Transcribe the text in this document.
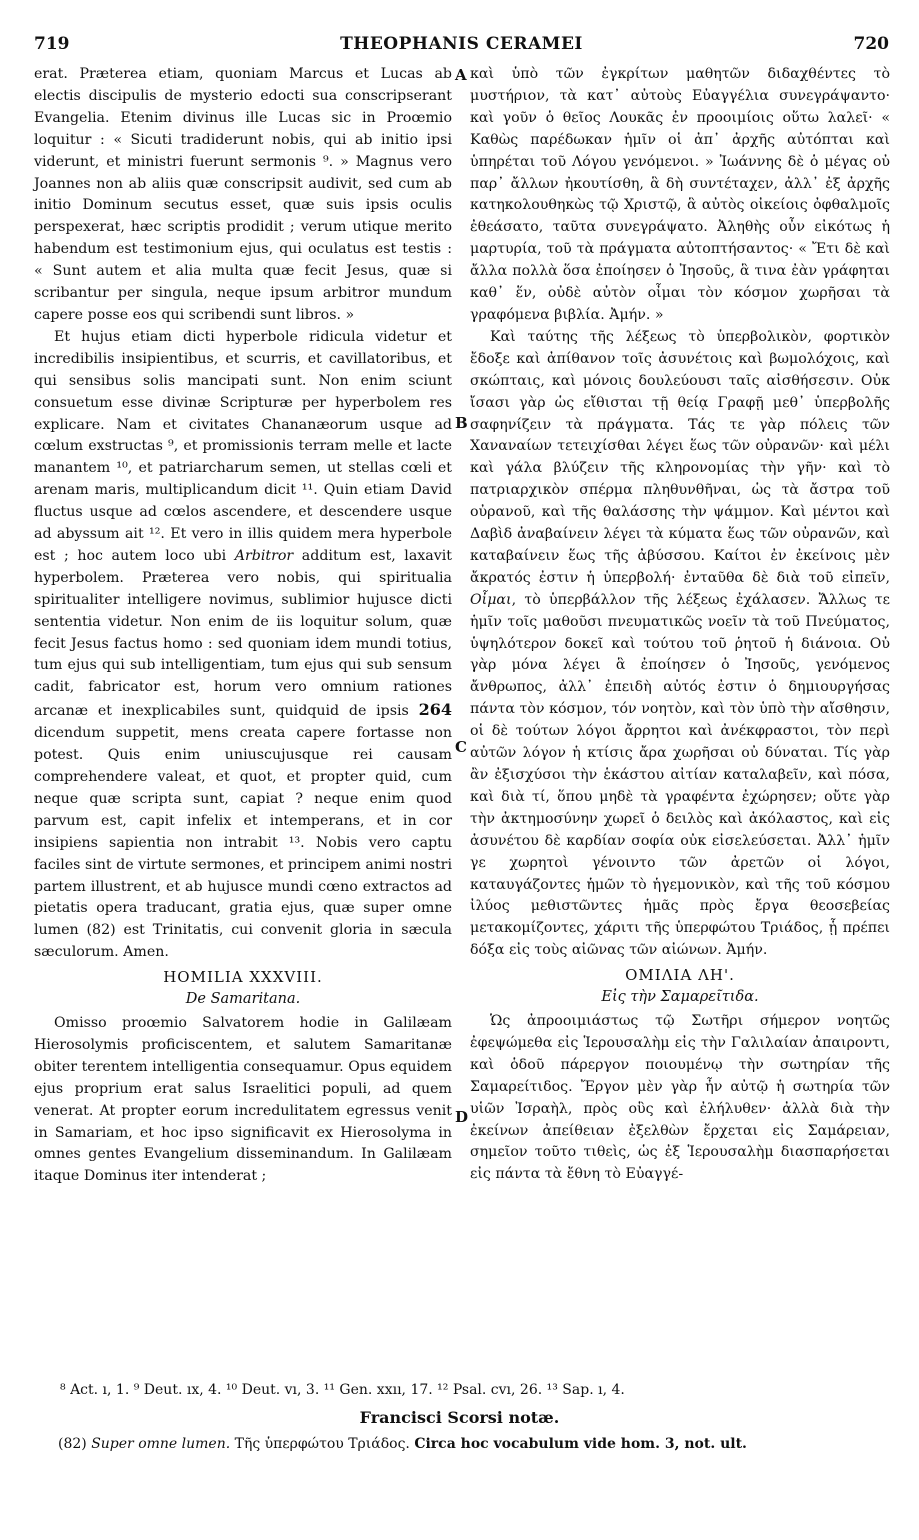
719	THEOPHANIS CERAMEI	720

erat. Præterea etiam, quoniam Marcus et Lucas ab electis discipulis de mysterio edocti sua conscripserant Evangelia. Etenim divinus ille Lucas sic in Proœmio loquitur : « Sicuti tradiderunt nobis, qui ab initio ipsi viderunt, et ministri fuerunt sermonis ⁹. » Magnus vero Joannes non ab aliis quæ conscripsit audivit, sed cum ab initio Dominum secutus esset, quæ suis ipsis oculis perspexerat, hæc scriptis prodidit ; verum utique merito habendum est testimonium ejus, qui oculatus est testis : « Sunt autem et alia multa quæ fecit Jesus, quæ si scribantur per singula, neque ipsum arbitror mundum capere posse eos qui scribendi sunt libros. »

Et hujus etiam dicti hyperbole ridicula videtur et incredibilis insipientibus, et scurris, et cavillatoribus, et qui sensibus solis mancipati sunt. Non enim sciunt consuetum esse divinæ Scripturæ per hyperbolem res explicare. Nam et civitates Chananæorum usque ad cœlum exstructas ⁹, et promissionis terram melle et lacte manantem ¹⁰, et patriarcharum semen, ut stellas cœli et arenam maris, multiplicandum dicit ¹¹. Quin etiam David fluctus usque ad cœlos ascendere, et descendere usque ad abyssum ait ¹². Et vero in illis quidem mera hyperbole est ; hoc autem loco ubi Arbitror additum est, laxavit hyperbolem. Præterea vero nobis, qui spiritualia spiritualiter intelligere novimus, sublimior hujusce dicti sententia videtur. Non enim de iis loquitur solum, quæ fecit Jesus factus homo : sed quoniam idem mundi totius, tum ejus qui sub intelligentiam, tum ejus qui sub sensum cadit, fabricator est, horum vero omnium rationes arcanæ et inexplicabiles sunt, quidquid de ipsis 264 dicendum suppetit, mens creata capere fortasse non potest. Quis enim uniuscujusque rei causam comprehendere valeat, et quot, et propter quid, cum neque quæ scripta sunt, capiat ? neque enim quod parvum est, capit infelix et intemperans, et in cor insipiens sapientia non intrabit ¹³. Nobis vero captu faciles sint de virtute sermones, et principem animi nostri partem illustrent, et ab hujusce mundi cœno extractos ad pietatis opera traducant, gratia ejus, quæ super omne lumen (82) est Trinitatis, cui convenit gloria in sæcula sæculorum. Amen.

HOMILIA XXXVIII.
De Samaritana.

Omisso proœmio Salvatorem hodie in Galilæam Hierosolymis proficiscentem, et salutem Samaritanæ obiter terentem intelligentia consequamur. Opus equidem ejus proprium erat salus Israelitici populi, ad quem venerat. At propter eorum incredulitatem egressus venit in Samariam, et hoc ipso significavit ex Hierosolyma in omnes gentes Evangelium disseminandum. In Galilæam itaque Dominus iter intenderat ;

καὶ ὑπὸ τῶν ἐγκρίτων μαθητῶν διδαχθέντες τὸ μυστήριον, τὰ κατ᾽ αὐτοὺς Εὐαγγέλια συνεγράψαντο· καὶ γοῦν ὁ θεῖος Λουκᾶς ἐν προοιμίοις οὕτω λαλεῖ· « Καθὼς παρέδωκαν ἡμῖν οἱ ἀπ᾽ ἀρχῆς αὐτόπται καὶ ὑπηρέται τοῦ Λόγου γενόμενοι. » Ἰωάννης δὲ ὁ μέγας οὐ παρ᾽ ἄλλων ἠκουτίσθη, ἃ δὴ συντέταχεν, ἀλλ᾽ ἐξ ἀρχῆς κατηκολουθηκὼς τῷ Χριστῷ, ἃ αὐτὸς οἰκείοις ὀφθαλμοῖς ἐθεάσατο, ταῦτα συνεγράψατο. Ἀληθὴς οὖν εἰκότως ἡ μαρτυρία, τοῦ τὰ πράγματα αὐτοπτήσαντος· « Ἔτι δὲ καὶ ἄλλα πολλὰ ὅσα ἐποίησεν ὁ Ἰησοῦς, ἃ τινα ἐὰν γράφηται καθ᾽ ἕν, οὐδὲ αὐτὸν οἶμαι τὸν κόσμον χωρῆσαι τὰ γραφόμενα βιβλία. Ἀμήν. »

Καὶ ταύτης τῆς λέξεως τὸ ὑπερβολικὸν, φορτικὸν ἔδοξε καὶ ἀπίθανον τοῖς ἀσυνέτοις καὶ βωμολόχοις, καὶ σκώπταις, καὶ μόνοις δουλεύουσι ταῖς αἰσθήσεσιν. Οὐκ ἴσασι γὰρ ὡς εἴθισται τῇ θείᾳ Γραφῇ μεθ᾽ ὑπερβολῆς σαφηνίζειν τὰ πράγματα. Τάς τε γὰρ πόλεις τῶν Χαναναίων τετειχίσθαι λέγει ἕως τῶν οὐρανῶν· καὶ μέλι καὶ γάλα βλύζειν τῆς κληρονομίας τὴν γῆν· καὶ τὸ πατριαρχικὸν σπέρμα πληθυνθῆναι, ὡς τὰ ἄστρα τοῦ οὐρανοῦ, καὶ τῆς θαλάσσης τὴν ψάμμον. Καὶ μέντοι καὶ Δαβὶδ ἀναβαίνειν λέγει τὰ κύματα ἕως τῶν οὐρανῶν, καὶ καταβαίνειν ἕως τῆς ἀβύσσου. Καίτοι ἐν ἐκείνοις μὲν ἄκρατός ἐστιν ἡ ὑπερβολή· ἐνταῦθα δὲ διὰ τοῦ εἰπεῖν, Οἶμαι, τὸ ὑπερβάλλον τῆς λέξεως ἐχάλασεν. Ἄλλως τε ἡμῖν τοῖς μαθοῦσι πνευματικῶς νοεῖν τὰ τοῦ Πνεύματος, ὑψηλότερον δοκεῖ καὶ τούτου τοῦ ῥητοῦ ἡ διάνοια. Οὐ γὰρ μόνα λέγει ἃ ἐποίησεν ὁ Ἰησοῦς, γενόμενος ἄνθρωπος, ἀλλ᾽ ἐπειδὴ αὐτός ἐστιν ὁ δημιουργήσας πάντα τὸν κόσμον, τόν νοητὸν, καὶ τὸν ὑπὸ τὴν αἴσθησιν, οἱ δὲ τούτων λόγοι ἄρρητοι καὶ ἀνέκφραστοι, τὸν περὶ αὐτῶν λόγον ἡ κτίσις ἄρα χωρῆσαι οὐ δύναται. Τίς γὰρ ἂν ἐξισχύσοι τὴν ἑκάστου αἰτίαν καταλαβεῖν, καὶ πόσα, καὶ διὰ τί, ὅπου μηδὲ τὰ γραφέντα ἐχώρησεν; οὔτε γὰρ τὴν ἀκτημοσύνην χωρεῖ ὁ δειλὸς καὶ ἀκόλαστος, καὶ εἰς ἀσυνέτου δὲ καρδίαν σοφία οὐκ εἰσελεύσεται. Ἀλλ᾽ ἡμῖν γε χωρητοὶ γένοιντο τῶν ἀρετῶν οἱ λόγοι, καταυγάζοντες ἡμῶν τὸ ἡγεμονικὸν, καὶ τῆς τοῦ κόσμου ἰλύος μεθιστῶντες ἡμᾶς πρὸς ἔργα θεοσεβείας μετακομίζοντες, χάριτι τῆς ὑπερφώτου Τριάδος, ᾗ πρέπει δόξα εἰς τοὺς αἰῶνας τῶν αἰώνων. Ἀμήν.

ΟΜΙΛΙΑ ΛΗ'.
Εἰς τὴν Σαμαρεῖτιδα.

Ὡς ἀπροοιμιάστως τῷ Σωτῆρι σήμερον νοητῶς ἐφεψώμεθα εἰς Ἱερουσαλὴμ εἰς τὴν Γαλιλαίαν ἀπαιροντι, καὶ ὁδοῦ πάρεργον ποιουμένῳ τὴν σωτηρίαν τῆς Σαμαρείτιδος. Ἔργον μὲν γὰρ ἦν αὐτῷ ἡ σωτηρία τῶν υἱῶν Ἰσραὴλ, πρὸς οὓς καὶ ἐλήλυθεν· ἀλλὰ διὰ τὴν ἐκείνων ἀπείθειαν ἐξελθὼν ἔρχεται εἰς Σαμάρειαν, σημεῖον τοῦτο τιθεὶς, ὡς ἐξ Ἱερουσαλὴμ διασπαρήσεται εἰς πάντα τὰ ἔθνη τὸ Εὐαγγέ-

A
B
C
D
⁸ Act. ı, 1. ⁹ Deut. ıx, 4. ¹⁰ Deut. vı, 3. ¹¹ Gen. xxıı, 17. ¹² Psal. cvı, 26. ¹³ Sap. ı, 4.
Francisci Scorsi notæ.
(82) Super omne lumen. Τῆς ὑπερφώτου Τριάδος. Circa hoc vocabulum vide hom. 3, not. ult.
